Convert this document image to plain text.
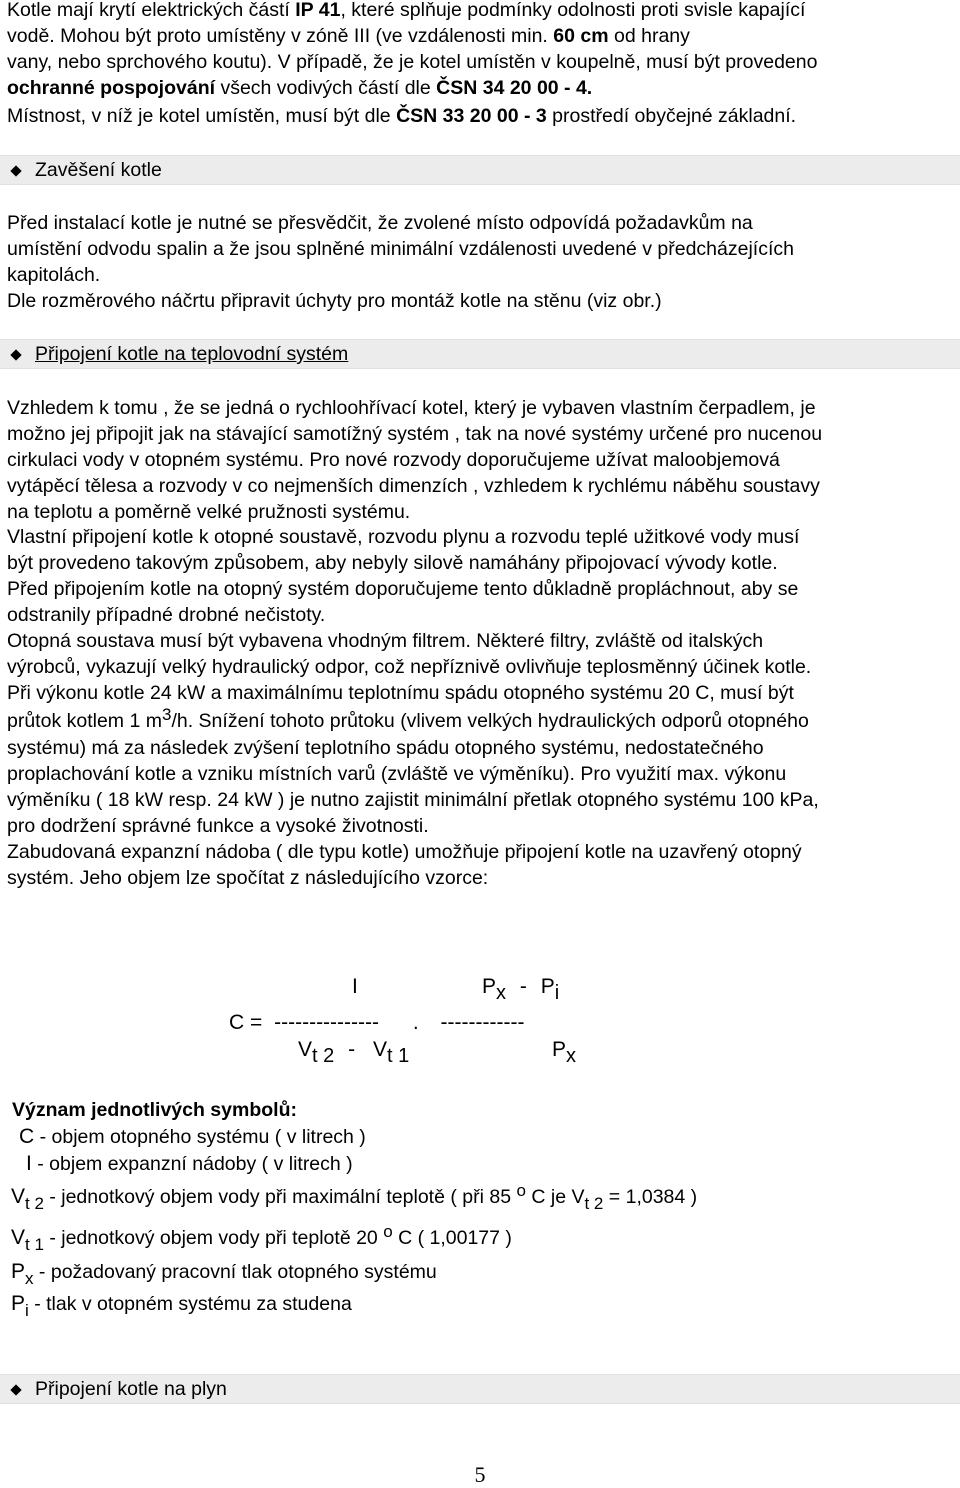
Kotle mají krytí elektrických částí IP 41, které splňuje podmínky odolnosti proti svisle kapající
vodě. Mohou být proto umístěny v zóně III (ve vzdálenosti min. 60 cm od hrany
vany, nebo sprchového koutu). V případě, že je kotel umístěn v koupelně, musí být provedeno
ochranné pospojování všech vodivých částí dle ČSN 34 20 00 - 4.
Místnost, v níž je kotel umístěn, musí být dle ČSN 33 20 00 - 3 prostředí obyčejné základní.
Zavěšení kotle
Před instalací kotle je nutné se přesvědčit, že zvolené místo odpovídá požadavkům na
umístění odvodu spalin a že jsou splněné minimální vzdálenosti uvedené v předcházejících
kapitolách.
Dle rozměrového náčrtu připravit úchyty pro montáž kotle na stěnu (viz obr.)
Připojení kotle na teplovodní systém
Vzhledem k tomu , že se jedná o rychloohřívací kotel, který je vybaven vlastním čerpadlem, je
možno jej připojit jak na stávající samotížný systém , tak na nové systémy určené pro nucenou
cirkulaci vody v otopném systému. Pro nové rozvody doporučujeme užívat maloobjemová
vytápěcí tělesa a rozvody v co nejmenších dimenzích , vzhledem k rychlému náběhu soustavy
na teplotu a poměrně velké pružnosti systému.
Vlastní připojení kotle k otopné soustavě, rozvodu plynu a rozvodu teplé užitkové vody musí
být provedeno takovým způsobem, aby nebyly silově namáhány připojovací vývody kotle.
Před připojením kotle na otopný systém doporučujeme tento důkladně propláchnout, aby se
odstranily případné drobné nečistoty.
Otopná soustava musí být vybavena vhodným filtrem. Některé filtry, zvláště od italských
výrobců, vykazují velký hydraulický odpor, což nepříznivě ovlivňuje teplosměnný účinek kotle.
Při výkonu kotle 24 kW a maximálnímu teplotnímu spádu otopného systému 20 C, musí být
průtok kotlem 1 m3/h. Snížení tohoto průtoku (vlivem velkých hydraulických odporů otopného
systému) má za následek zvýšení teplotního spádu otopného systému, nedostatečného
proplachování kotle a vzniku místních varů (zvláště ve výměníku). Pro využití max. výkonu
výměníku ( 18 kW resp. 24 kW ) je nutno zajistit minimální přetlak otopného systému 100 kPa,
pro dodržení správné funkce a vysoké životnosti.
Zabudovaná expanzní nádoba ( dle typu kotle) umožňuje připojení kotle na uzavřený otopný
systém. Jeho objem lze spočítat z následujícího vzorce:
I	Px - Pi
C = --------------- . ------------
Vt 2 - Vt 1	Px
Význam jednotlivých symbolů:
C - objem otopného systému ( v litrech )
I - objem expanzní nádoby ( v litrech )
Vt 2 - jednotkový objem vody při maximální teplotě ( při 85 o C je Vt 2 = 1,0384 )
Vt 1 - jednotkový objem vody při teplotě 20 o C ( 1,00177 )
Px - požadovaný pracovní tlak otopného systému
Pi - tlak v otopném systému za studena
Připojení kotle na plyn
5
